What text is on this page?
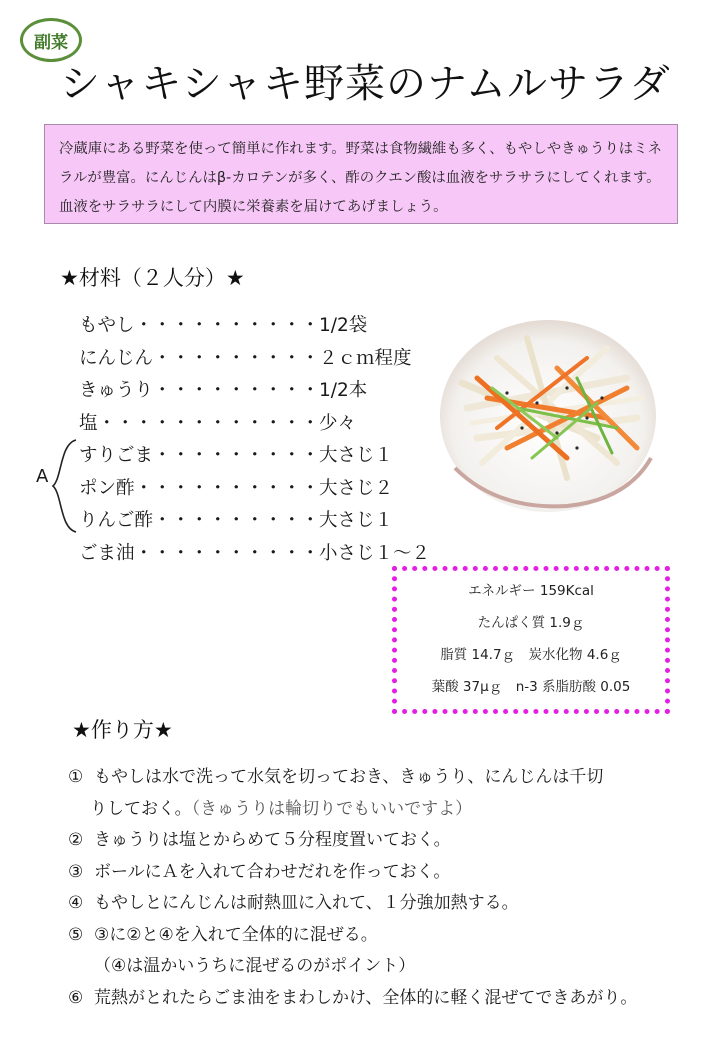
副菜
シャキシャキ野菜のナムルサラダ
冷蔵庫にある野菜を使って簡単に作れます。野菜は食物繊維も多く、もやしやきゅうりはミネラルが豊富。にんじんはβ-カロテンが多く、酢のクエン酸は血液をサラサラにしてくれます。血液をサラサラにして内膜に栄養素を届けてあげましょう。
★材料（２人分）★
もやし・・・・・・・・・・ 1/2袋
にんじん・・・・・・・・・ ２ｃｍ程度
きゅうり・・・・・・・・・ 1/2本
塩・・・・・・・・・・・・ 少々
すりごま・・・・・・・・・ 大さじ１
ポン酢・・・・・・・・・・ 大さじ２
りんご酢・・・・・・・・・ 大さじ１
ごま油・・・・・・・・・・ 小さじ１〜２
A
エネルギー 159Kcal
たんぱく質 1.9ｇ
脂質 14.7ｇ　炭水化物 4.6ｇ
葉酸 37μｇ　n-3 系脂肪酸 0.05
★作り方★
① もやしは水で洗って水気を切っておき、きゅうり、にんじんは千切
りしておく。（きゅうりは輪切りでもいいですよ）
② きゅうりは塩とからめて５分程度置いておく。
③ ボールにＡを入れて合わせだれを作っておく。
④ もやしとにんじんは耐熱皿に入れて、１分強加熱する。
⑤ ③に②と④を入れて全体的に混ぜる。
（④は温かいうちに混ぜるのがポイント）
⑥ 荒熱がとれたらごま油をまわしかけ、全体的に軽く混ぜてできあがり。
